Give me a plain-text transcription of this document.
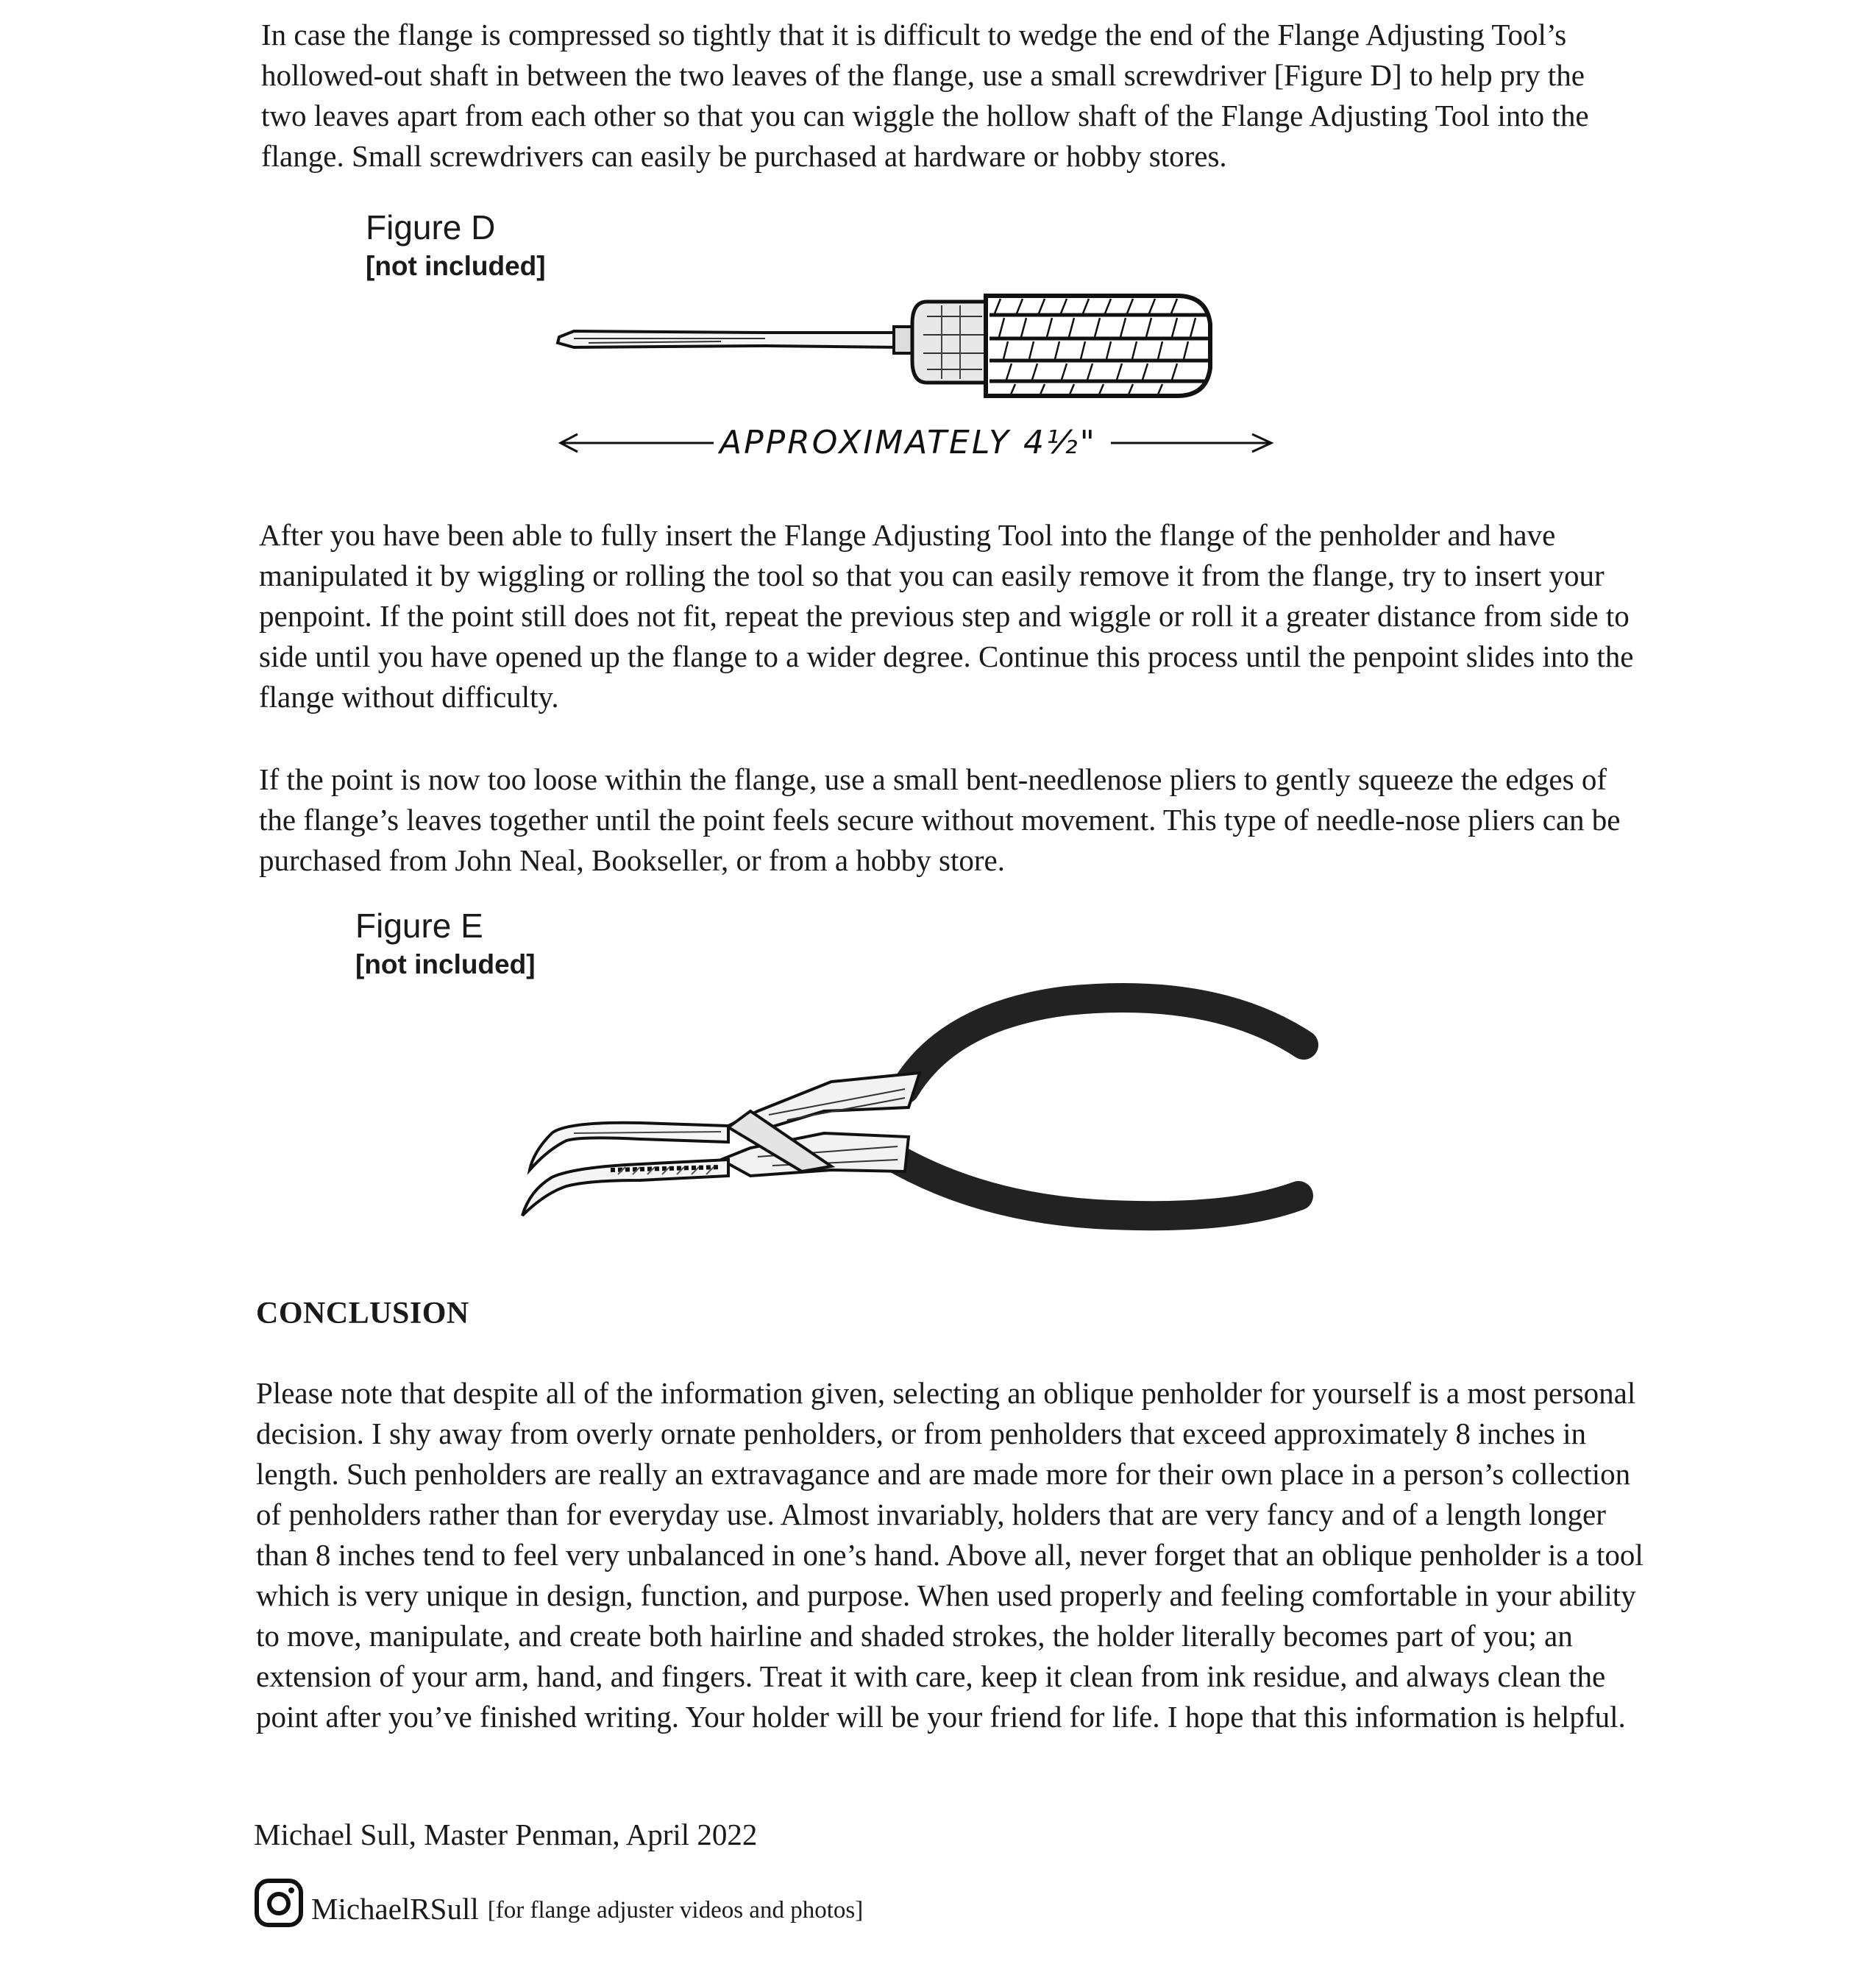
In case the flange is compressed so tightly that it is difficult to wedge the end of the Flange Adjusting Tool’s hollowed-out shaft in between the two leaves of the flange, use a small screwdriver [Figure D] to help pry the two leaves apart from each other so that you can wiggle the hollow shaft of the Flange Adjusting Tool into the flange. Small screwdrivers can easily be purchased at hardware or hobby stores.

Figure D
[not included]
APPROXIMATELY 4½"

After you have been able to fully insert the Flange Adjusting Tool into the flange of the penholder and have manipulated it by wiggling or rolling the tool so that you can easily remove it from the flange, try to insert your penpoint. If the point still does not fit, repeat the previous step and wiggle or roll it a greater distance from side to side until you have opened up the flange to a wider degree. Continue this process until the penpoint slides into the flange without difficulty.

If the point is now too loose within the flange, use a small bent-needlenose pliers to gently squeeze the edges of the flange’s leaves together until the point feels secure without movement. This type of needle-nose pliers can be purchased from John Neal, Bookseller, or from a hobby store.

Figure E
[not included]
CONCLUSION

Please note that despite all of the information given, selecting an oblique penholder for yourself is a most personal decision. I shy away from overly ornate penholders, or from penholders that exceed approximately 8 inches in length. Such penholders are really an extravagance and are made more for their own place in a person’s collection of penholders rather than for everyday use. Almost invariably, holders that are very fancy and of a length longer than 8 inches tend to feel very unbalanced in one’s hand. Above all, never forget that an oblique penholder is a tool which is very unique in design, function, and purpose. When used properly and feeling comfortable in your ability to move, manipulate, and create both hairline and shaded strokes, the holder literally becomes part of you; an extension of your arm, hand, and fingers. Treat it with care, keep it clean from ink residue, and always clean the point after you’ve finished writing. Your holder will be your friend for life. I hope that this information is helpful.

Michael Sull, Master Penman, April 2022
MichaelRSull [for flange adjuster videos and photos]
